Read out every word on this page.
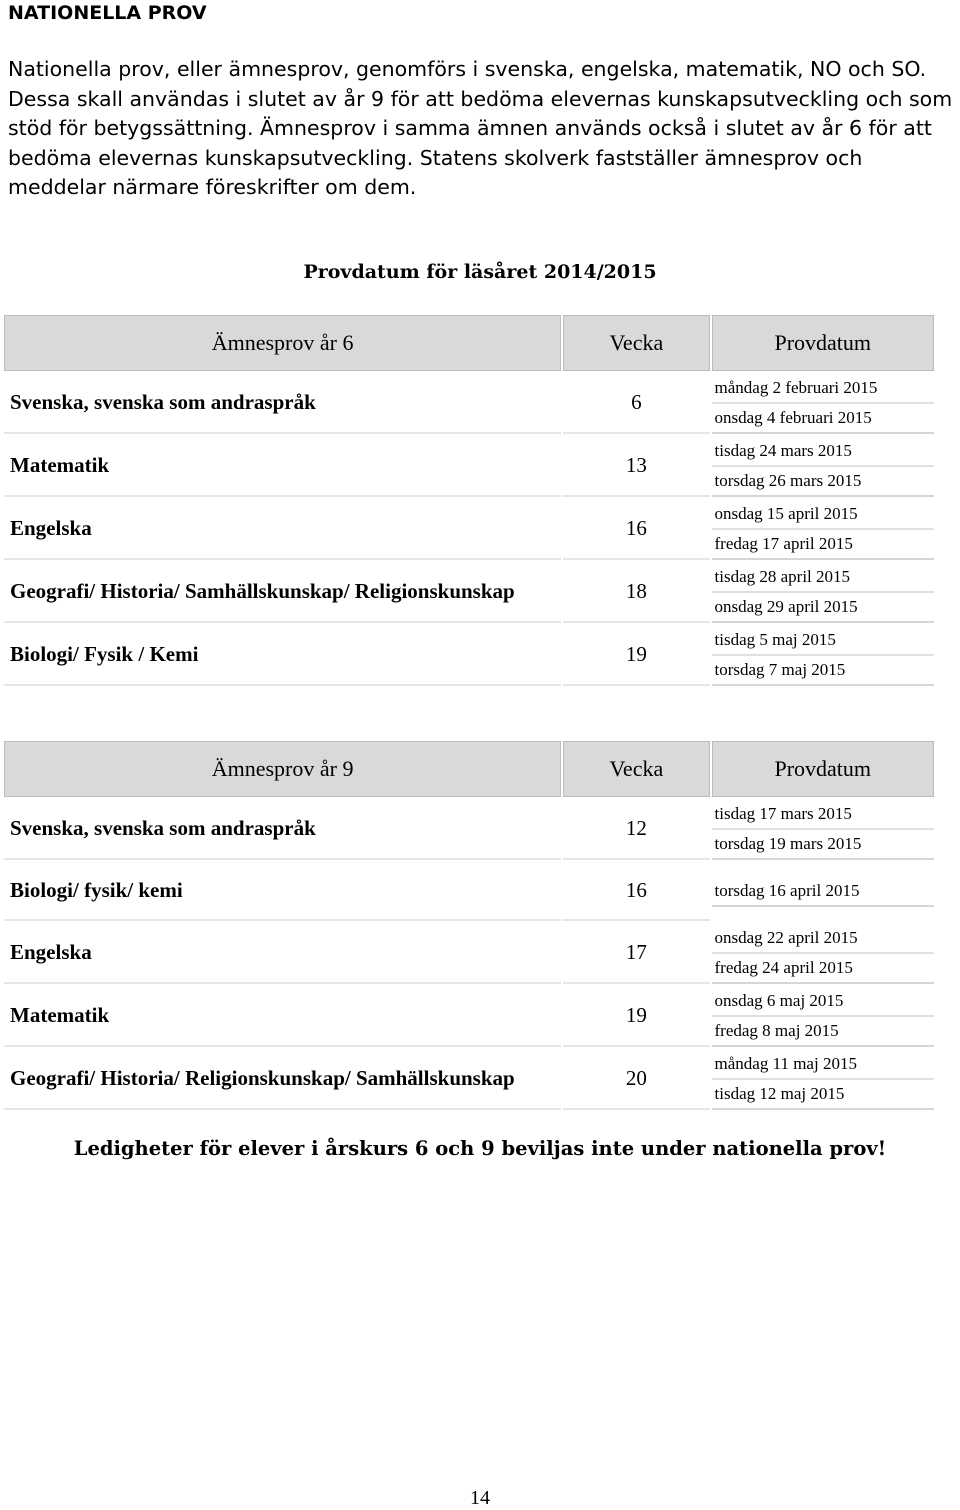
NATIONELLA PROV
Nationella prov, eller ämnesprov, genomförs i svenska, engelska, matematik, NO och SO. Dessa skall användas i slutet av år 9 för att bedöma elevernas kunskapsutveckling och som stöd för betygssättning. Ämnesprov i samma ämnen används också i slutet av år 6 för att bedöma elevernas kunskapsutveckling. Statens skolverk fastställer ämnesprov och meddelar närmare föreskrifter om dem.
Provdatum för läsåret 2014/2015
Ämnesprov år 6	Vecka	Provdatum
Svenska, svenska som andraspråk	6	måndag 2 februari 2015
onsdag 4 februari 2015

Matematik	13	tisdag 24 mars 2015
torsdag 26 mars 2015

Engelska	16	onsdag 15 april 2015
fredag 17 april 2015

Geografi/ Historia/ Samhällskunskap/ Religionskunskap	18	tisdag 28 april 2015
onsdag 29 april 2015

Biologi/ Fysik / Kemi	19	tisdag 5 maj 2015
torsdag 7 maj 2015
Ämnesprov år 9	Vecka	Provdatum
Svenska, svenska som andraspråk	12	tisdag 17 mars 2015
torsdag 19 mars 2015

Biologi/ fysik/ kemi	16	torsdag 16 april 2015

Engelska	17	onsdag 22 april 2015
fredag 24 april 2015

Matematik	19	onsdag 6 maj 2015
fredag 8 maj 2015

Geografi/ Historia/ Religionskunskap/ Samhällskunskap	20	måndag 11 maj 2015
tisdag 12 maj 2015
Ledigheter för elever i årskurs 6 och 9 beviljas inte under nationella prov!
14
